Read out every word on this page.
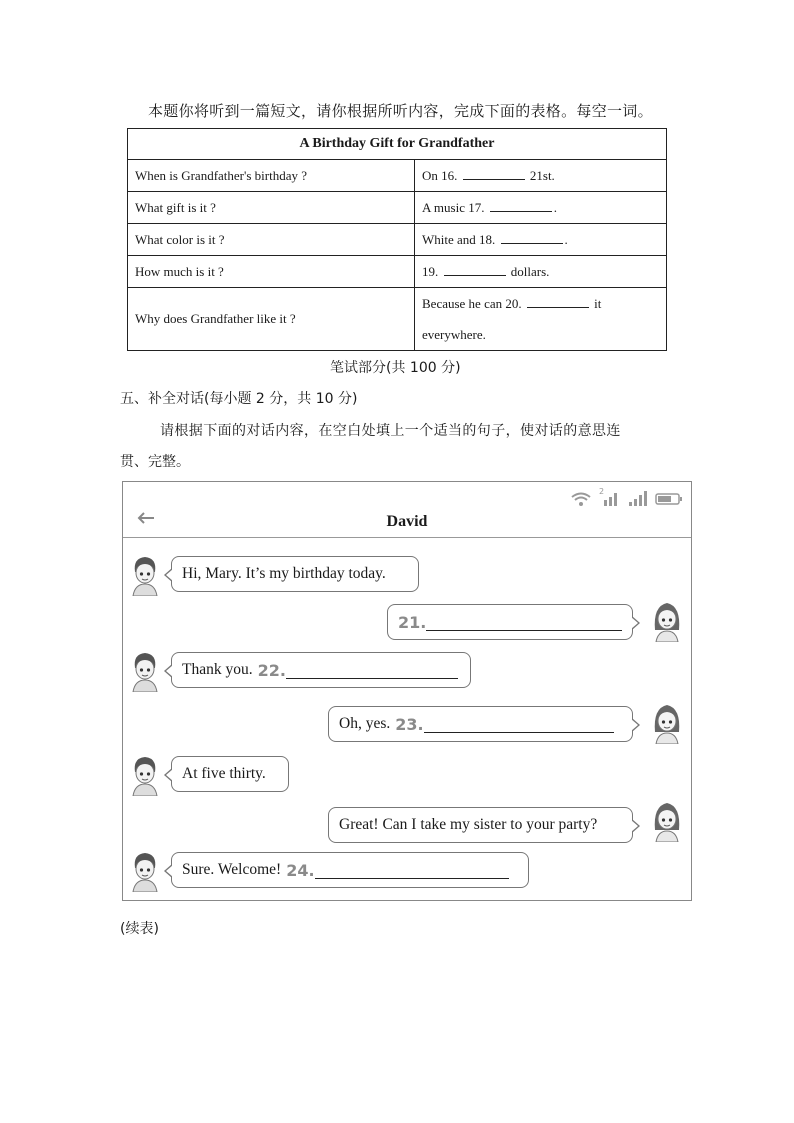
本题你将听到一篇短文，请你根据所听内容，完成下面的表格。每空一词。
A Birthday Gift for Grandfather	
When is Grandfather's birthday ?	On 16. 21st.
What gift is it ?	A music 17. .
What color is it ?	White and 18. .
How much is it ?	19. dollars.
Why does Grandfather like it ?	Because he can 20. it
everywhere.
笔试部分(共 100 分)
五、补全对话(每小题 2 分，共 10 分)
请根据下面的对话内容，在空白处填上一个适当的句子，使对话的意思连
贯、完整。
2
David
Hi, Mary. It’s my birthday today.
21.
Thank you. 22.
Oh, yes. 23.
At five thirty.
Great! Can I take my sister to your party?
Sure. Welcome! 24.
(续表)
